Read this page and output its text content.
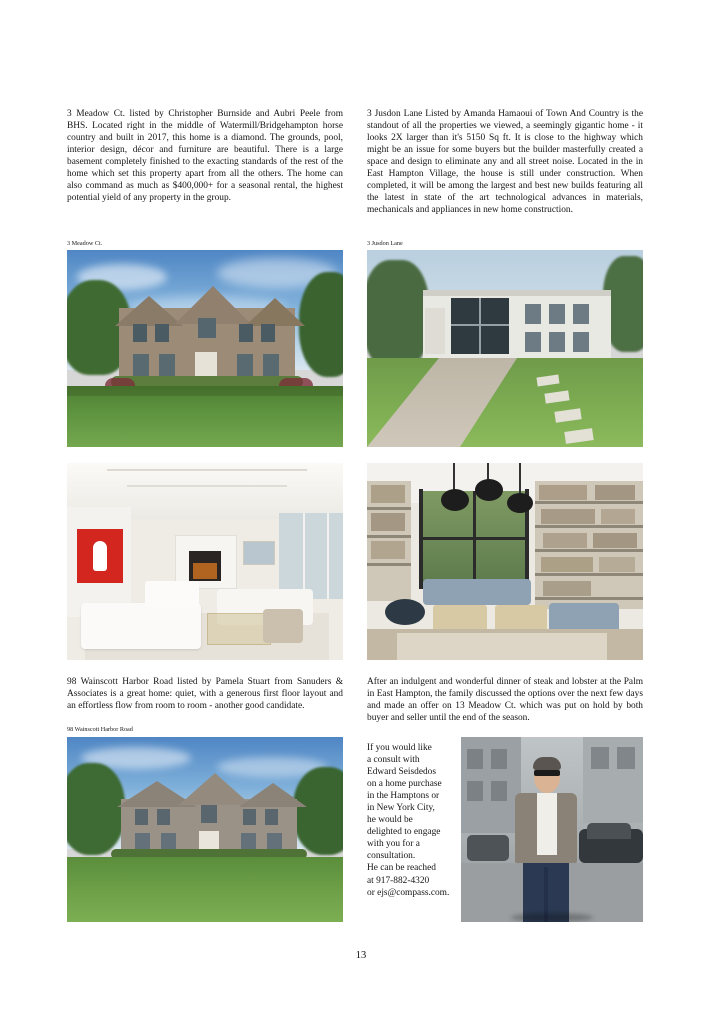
3 Meadow Ct. listed by Christopher Burnside and Aubri Peele from BHS. Located right in the middle of Watermill/Bridgehampton horse country and built in 2017, this home is a diamond. The grounds, pool, interior design, décor and furniture are beautiful. There is a large basement completely finished to the exacting standards of the rest of the home which set this property apart from all the others. The home can also command as much as $400,000+ for a seasonal rental, the highest potential yield of any property in the group.

3 Jusdon Lane Listed by Amanda Hamaoui of Town And Country is the standout of all the properties we viewed, a seemingly gigantic home - it looks 2X larger than it's 5150 Sq ft. It is close to the highway which might be an issue for some buyers but the builder masterfully created a space and design to eliminate any and all street noise. Located in the in East Hampton Village, the house is still under construction. When completed, it will be among the largest and best new builds featuring all the latest in state of the art technological advances in materials, mechanicals and appliances in new home construction.

3 Meadow Ct.	3 Jusdon Lane

98 Wainscott Harbor Road listed by Pamela Stuart from Sanuders & Associates is a great home: quiet, with a generous first floor layout and an effortless flow from room to room - another good candidate.

After an indulgent and wonderful dinner of steak and lobster at the Palm in East Hampton, the family discussed the options over the next few days and made an offer on 13 Meadow Ct. which was put on hold by both buyer and seller until the end of the season.

98 Wainscott Harbor Road

If you would like

a consult with

Edward Seisdedos

on a home purchase

in the Hamptons or

in New York City,

he would be

delighted to engage

with you for a

consultation.

He can be reached

at 917-882-4320

or ejs@compass.com.

13
